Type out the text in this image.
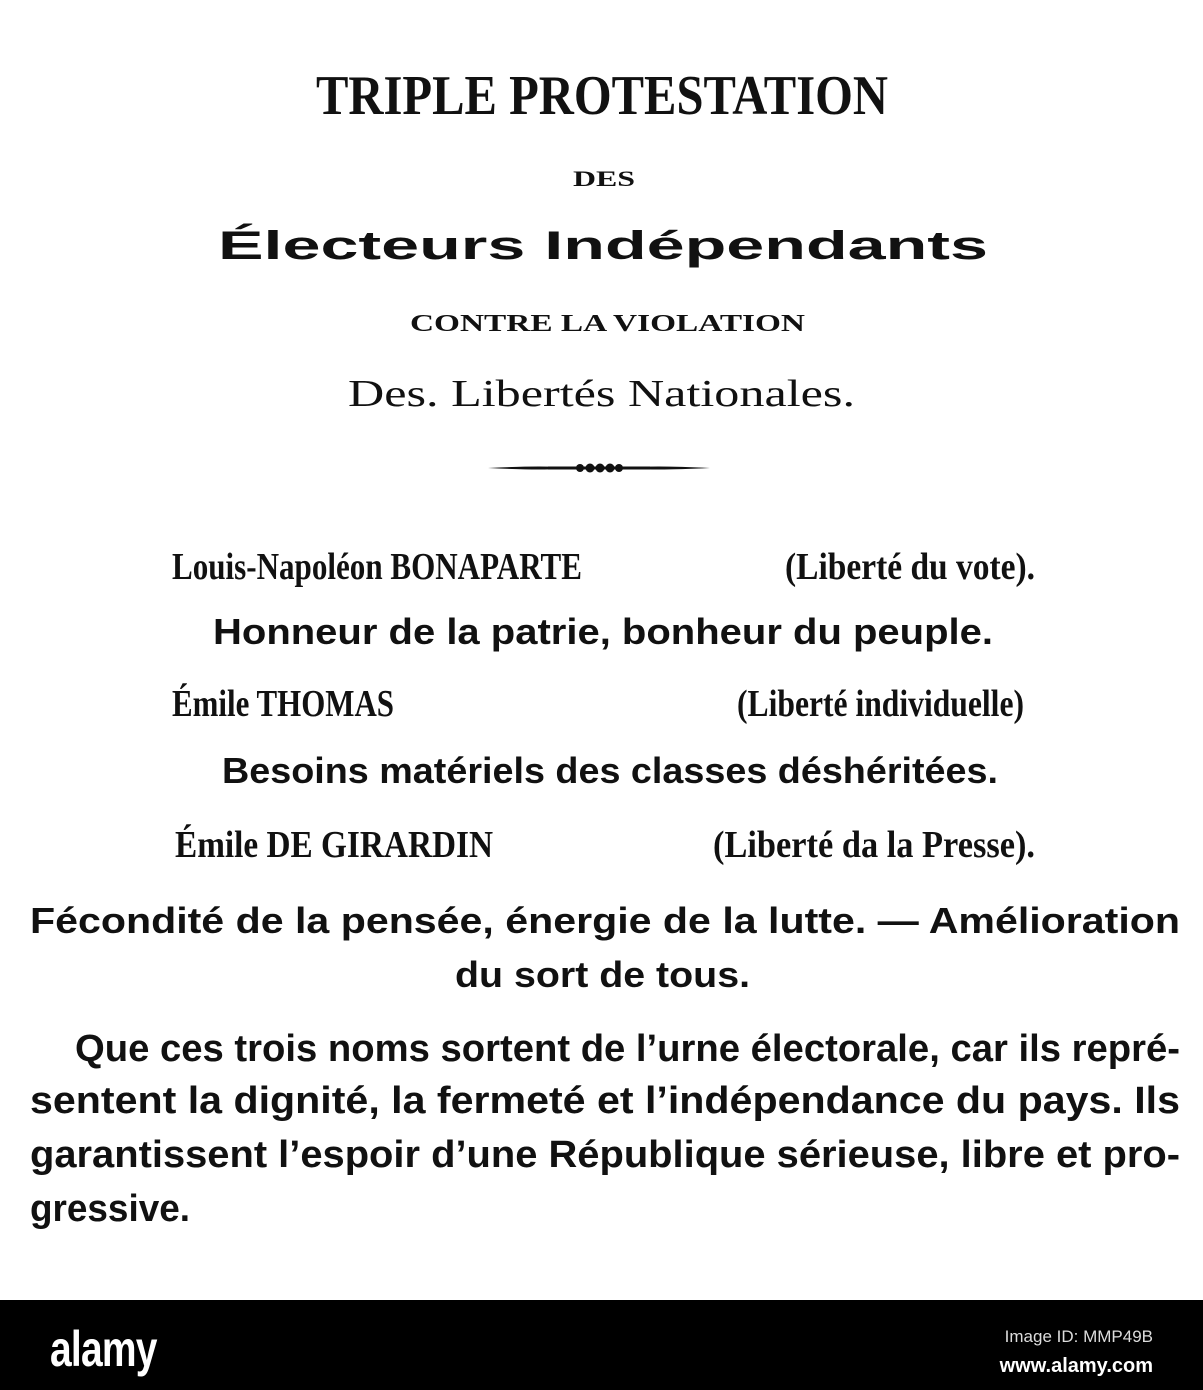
TRIPLE PROTESTATION
DES
Électeurs Indépendants
CONTRE LA VIOLATION
Des. Libertés Nationales.
Louis-Napoléon BONAPARTE	(Liberté du vote).
Honneur de la patrie, bonheur du peuple.
Émile THOMAS	(Liberté individuelle)
Besoins matériels des classes déshéritées.
Émile DE GIRARDIN	(Liberté da la Presse).
Fécondité de la pensée, énergie de la lutte. — Amélioration
du sort de tous.
Que ces trois noms sortent de l’urne électorale, car ils repré-
sentent la dignité, la fermeté et l’indépendance du pays. Ils
garantissent l’espoir d’une République sérieuse, libre et pro-
gressive.
alamy	Image ID: MMP49B
www.alamy.com
